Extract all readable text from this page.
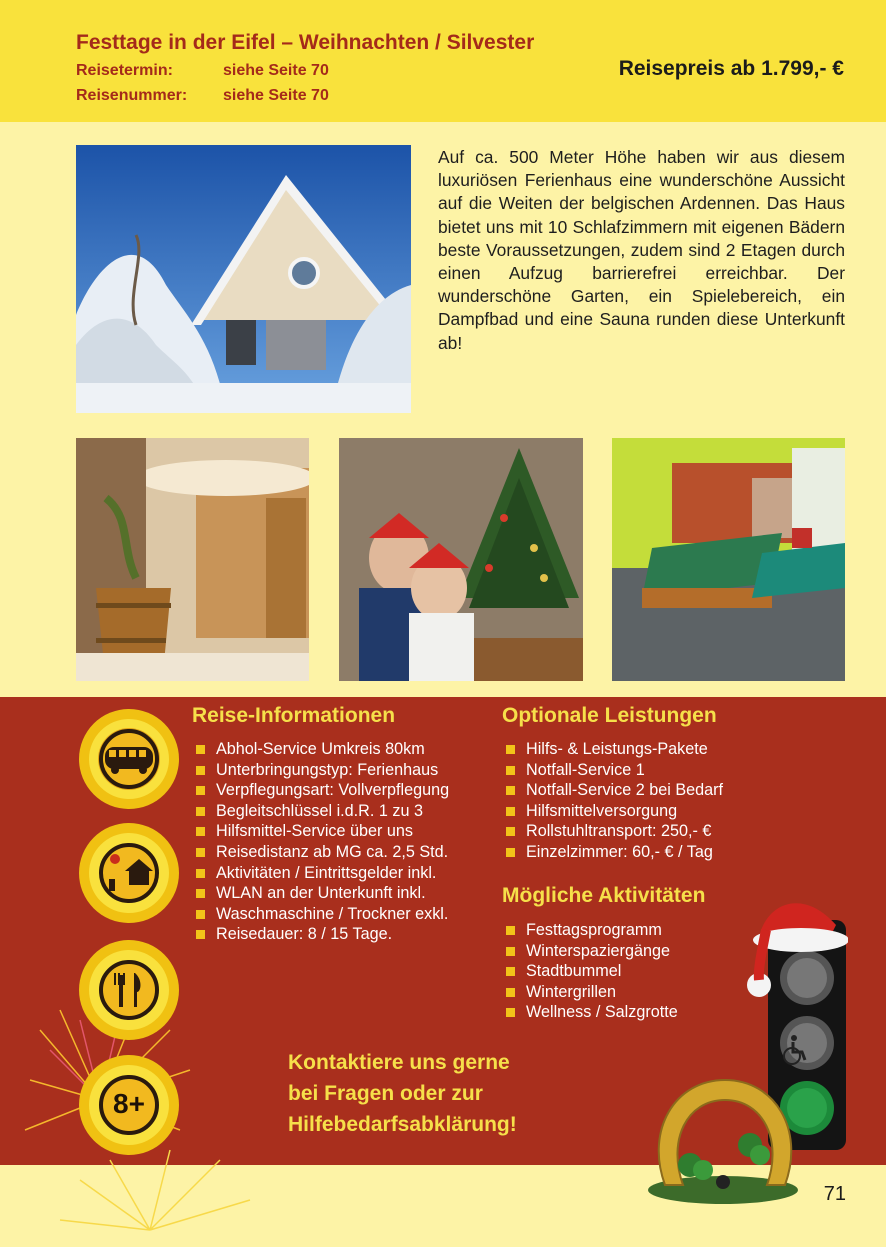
Festtage in der Eifel – Weihnachten / Silvester
Reisetermin:	siehe Seite 70
Reisenummer: siehe Seite 70
Reisepreis ab 1.799,- €
Auf ca. 500 Meter Höhe haben wir aus diesem luxuriösen Ferienhaus eine wunderschöne Aussicht auf die Weiten der belgischen Ardennen. Das Haus bietet uns mit 10 Schlafzimmern mit eigenen Bädern beste Voraussetzungen, zudem sind 2 Etagen durch einen Aufzug barrierefrei erreichbar. Der wunderschöne Garten, ein Spielebereich, ein Dampfbad und eine Sauna runden diese Unterkunft ab!
8+
Reise-Informationen
Abhol-Service Umkreis 80km
Unterbringungstyp: Ferienhaus
Verpflegungsart: Vollverpflegung
Begleitschlüssel i.d.R. 1 zu 3
Hilfsmittel-Service über uns
Reisedistanz ab MG ca. 2,5 Std.
Aktivitäten / Eintrittsgelder inkl.
WLAN an der Unterkunft inkl.
Waschmaschine / Trockner exkl.
Reisedauer: 8 / 15 Tage.
Optionale Leistungen
Hilfs- & Leistungs-Pakete
Notfall-Service 1
Notfall-Service 2 bei Bedarf
Hilfsmittelversorgung
Rollstuhltransport: 250,- €
Einzelzimmer: 60,- € / Tag
Mögliche Aktivitäten
Festtagsprogramm
Winterspaziergänge
Stadtbummel
Wintergrillen
Wellness / Salzgrotte
Kontaktiere uns gerne
bei Fragen oder zur
Hilfebedarfsabklärung!
71
